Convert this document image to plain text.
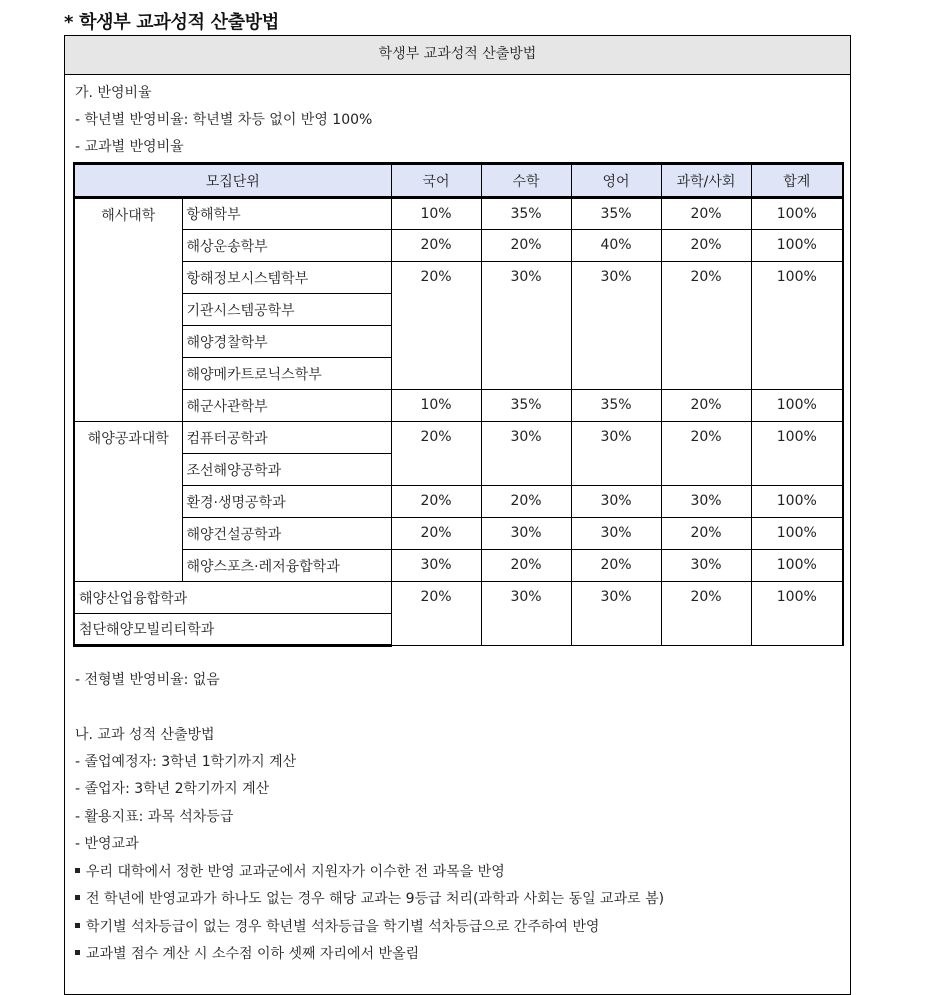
* 학생부 교과성적 산출방법
학생부 교과성적 산출방법
가. 반영비율
- 학년별 반영비율: 학년별 차등 없이 반영 100%
- 교과별 반영비율
모집단위		국어	수학	영어	과학/사회	합계
해사대학	항해학부	10%	35%	35%	20%	100%
	해상운송학부	20%	20%	40%	20%	100%
	항해정보시스템학부	20%	30%	30%	20%	100%
	기관시스템공학부					
	해양경찰학부					
	해양메카트로닉스학부					
	해군사관학부	10%	35%	35%	20%	100%
해양공과대학	컴퓨터공학과	20%	30%	30%	20%	100%
	조선해양공학과					
	환경·생명공학과	20%	20%	30%	30%	100%
	해양건설공학과	20%	30%	30%	20%	100%
	해양스포츠·레저융합학과	30%	20%	20%	30%	100%
해양산업융합학과		20%	30%	30%	20%	100%
첨단해양모빌리티학과						
- 전형별 반영비율: 없음
나. 교과 성적 산출방법
- 졸업예정자: 3학년 1학기까지 계산
- 졸업자: 3학년 2학기까지 계산
- 활용지표: 과목 석차등급
- 반영교과
우리 대학에서 정한 반영 교과군에서 지원자가 이수한 전 과목을 반영
전 학년에 반영교과가 하나도 없는 경우 해당 교과는 9등급 처리(과학과 사회는 동일 교과로 봄)
학기별 석차등급이 없는 경우 학년별 석차등급을 학기별 석차등급으로 간주하여 반영
교과별 점수 계산 시 소수점 이하 셋째 자리에서 반올림
